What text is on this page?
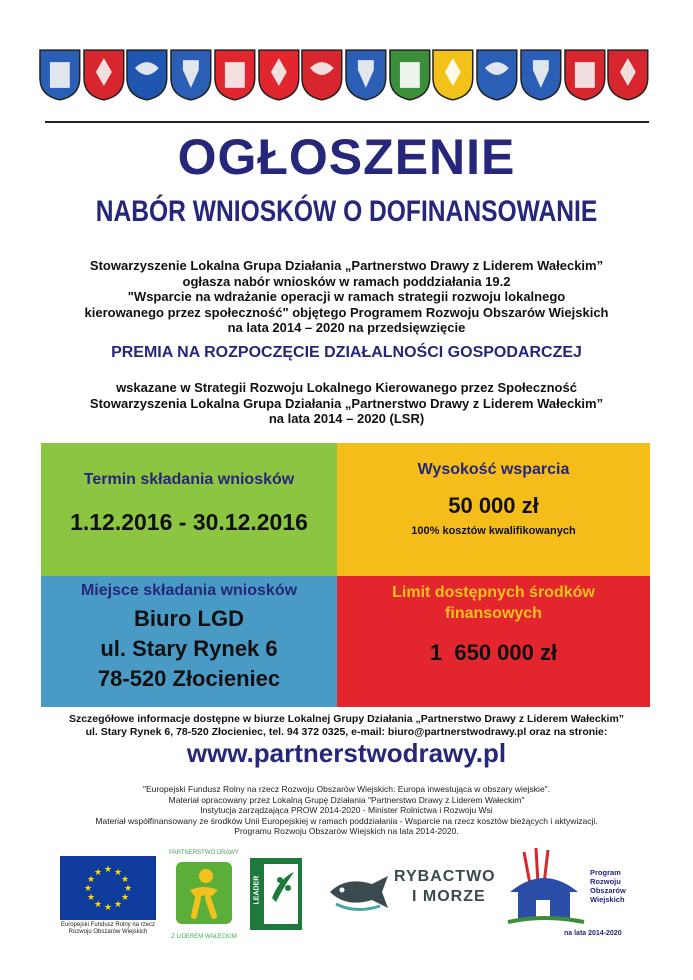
OGŁOSZENIE
NABÓR WNIOSKÓW O DOFINANSOWANIE
Stowarzyszenie Lokalna Grupa Działania „Partnerstwo Drawy z Liderem Wałeckim”
ogłasza nabór wniosków w ramach poddziałania 19.2
"Wsparcie na wdrażanie operacji w ramach strategii rozwoju lokalnego
kierowanego przez społeczność" objętego Programem Rozwoju Obszarów Wiejskich
na lata 2014 – 2020 na przedsięwzięcie
PREMIA NA ROZPOCZĘCIE DZIAŁALNOŚCI GOSPODARCZEJ
wskazane w Strategii Rozwoju Lokalnego Kierowanego przez Społeczność
Stowarzyszenia Lokalna Grupa Działania „Partnerstwo Drawy z Liderem Wałeckim”
na lata 2014 – 2020 (LSR)
Termin składania wniosków
1.12.2016 - 30.12.2016
Wysokość wsparcia
50 000 zł
100% kosztów kwalifikowanych
Miejsce składania wniosków
Biuro LGD
ul. Stary Rynek 6
78-520 Złocieniec
Limit dostępnych środków
finansowych
1  650 000 zł
Szczegółowe informacje dostępne w biurze Lokalnej Grupy Działania „Partnerstwo Drawy z Liderem Wałeckim”
ul. Stary Rynek 6, 78-520 Złocieniec, tel. 94 372 0325, e-mail: biuro@partnerstwodrawy.pl oraz na stronie:
www.partnerstwodrawy.pl
"Europejski Fundusz Rolny na rzecz Rozwoju Obszarów Wiejskich: Europa inwestująca w obszary wiejskie".
Materiał opracowany przez Lokalną Grupę Działania "Partnerstwo Drawy z Liderem Wałeckim"
Instytucja zarządzająca PROW 2014-2020 - Minister Rolnictwa i Rozwoju Wsi
Materiał współfinansowany ze środków Unii Europejskiej w ramach poddziałania - Wsparcie na rzecz kosztów bieżących i aktywizacji.
Programu Rozwoju Obszarów Wiejskich na lata 2014-2020.
★ ★
★
★
★
★
★
★
★
★
★
★
Europejski Fundusz Rolny na rzecz
Rozwoju Obszarów Wiejskich
PARTNERSTWO DRAWY
Z LIDEREM WAŁECKIM
LEADER	RYBACTWO
I MORZE
Program
Rozwoju
Obszarów
Wiejskich
na lata 2014-2020
